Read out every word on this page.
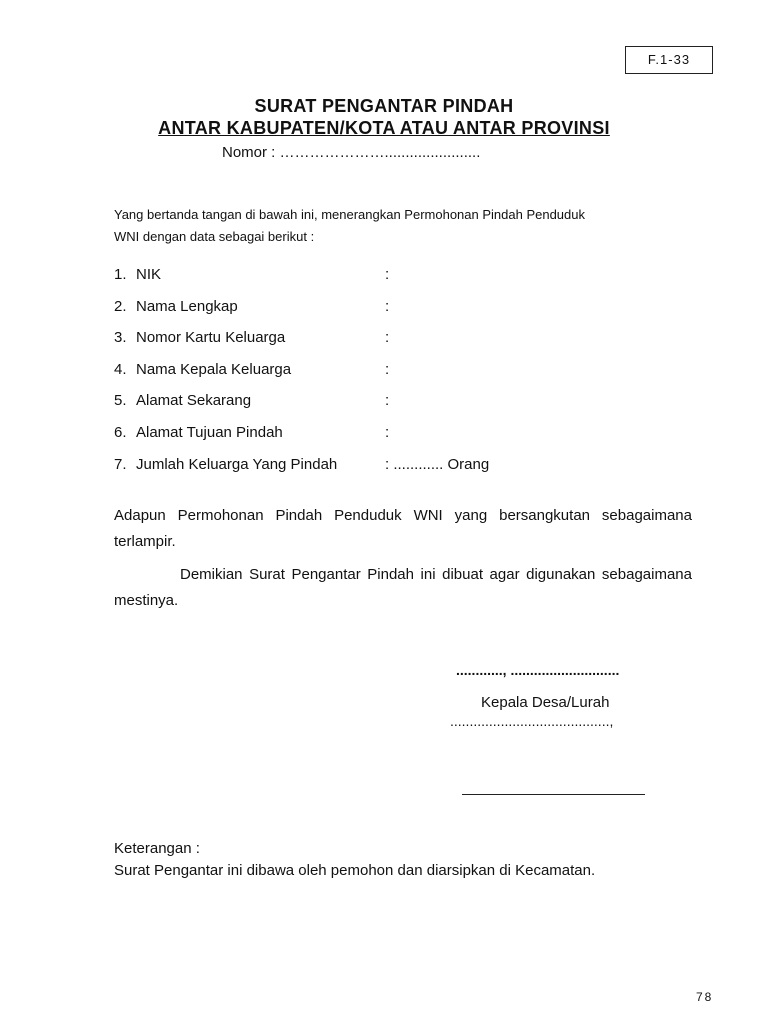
F.1-33
SURAT PENGANTAR PINDAH
ANTAR KABUPATEN/KOTA ATAU ANTAR PROVINSI
Nomor : ………………….......................
Yang bertanda tangan di bawah ini, menerangkan Permohonan Pindah Penduduk
WNI dengan data sebagai berikut :
1. NIK	:
2. Nama Lengkap	:
3. Nomor Kartu Keluarga	:
4. Nama Kepala Keluarga	:
5. Alamat Sekarang	:
6. Alamat Tujuan Pindah	:
7. Jumlah Keluarga Yang Pindah	: ............ Orang
Adapun Permohonan Pindah Penduduk WNI yang bersangkutan sebagaimana terlampir.
Demikian Surat Pengantar Pindah ini dibuat agar digunakan sebagaimana mestinya.
............, ............................
Kepala Desa/Lurah
.........................................,
Keterangan :
Surat Pengantar ini dibawa oleh pemohon dan diarsipkan di Kecamatan.
78
